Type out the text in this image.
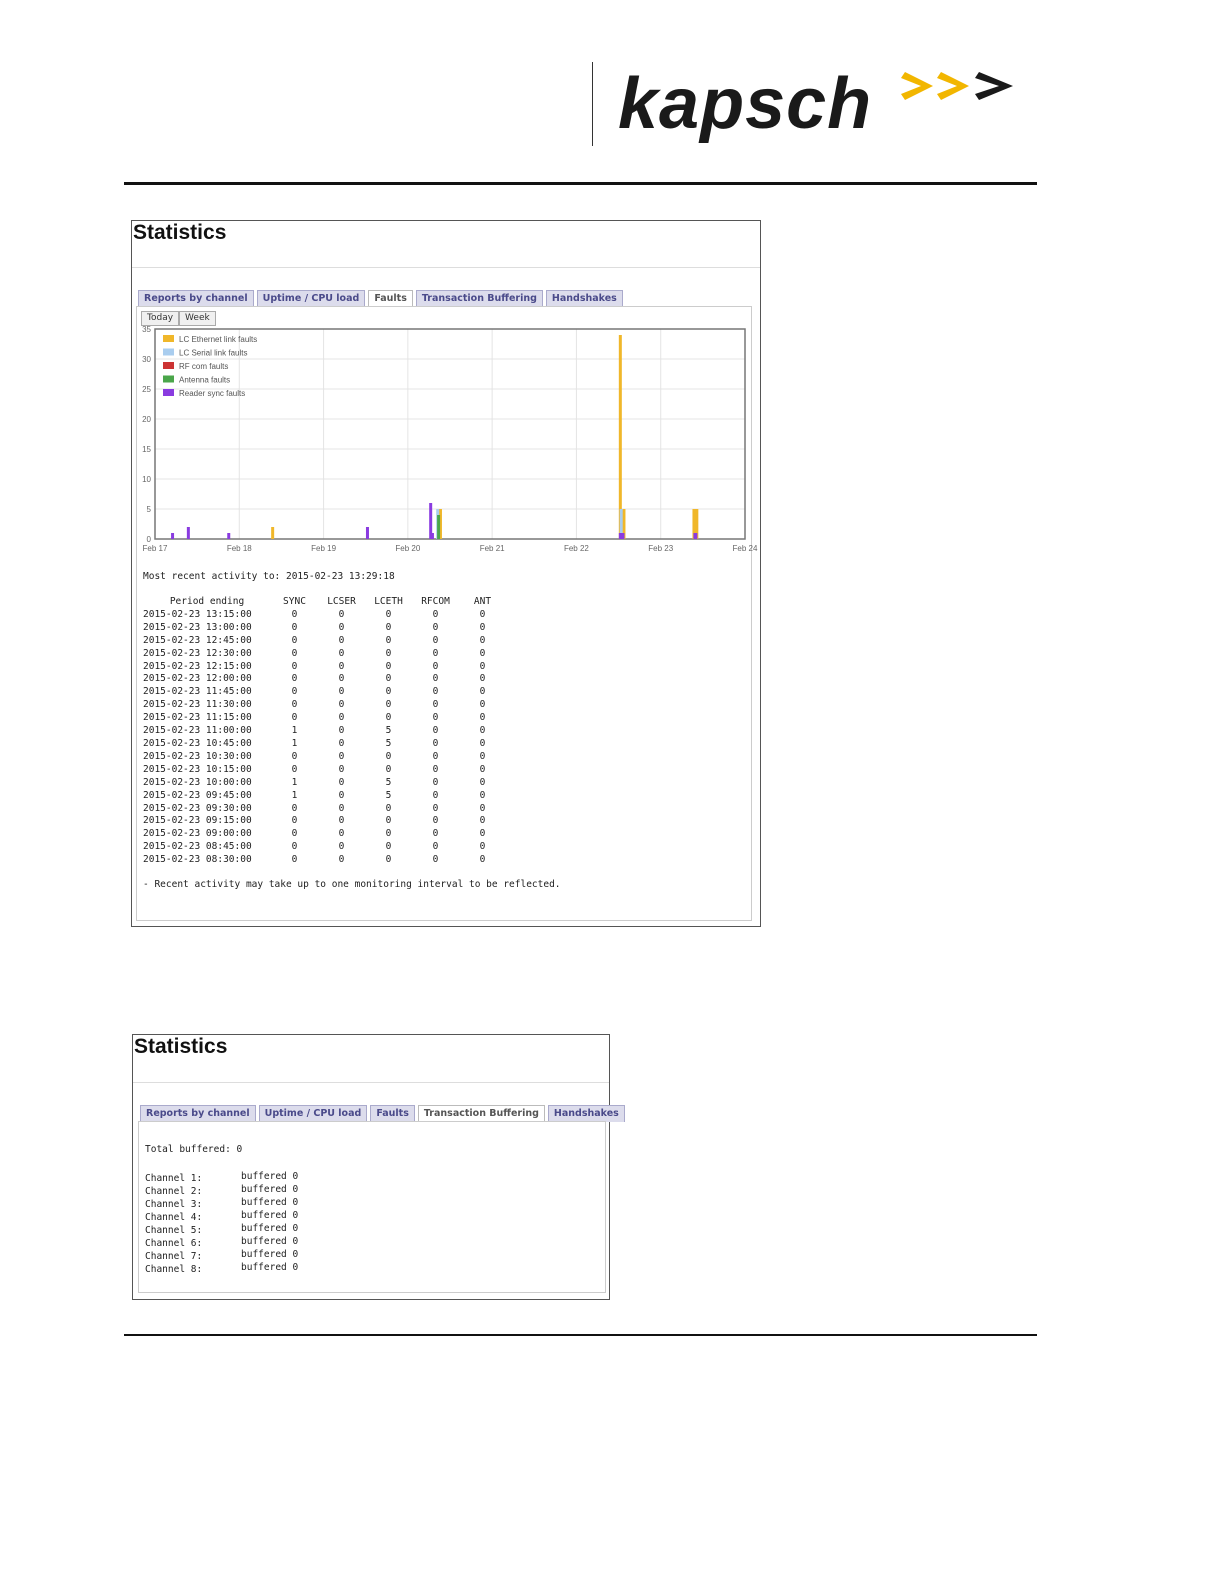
kapsch
Statistics
Reports by channel	Uptime / CPU load	Faults	Transaction Buffering	Handshakes
Today	Week
Feb 17	Feb 18	Feb 19	Feb 20	Feb 21	Feb 22	Feb 23	Feb 24
0
5
10
15
20
25
30
35
LC Ethernet link faults
LC Serial link faults
RF com faults
Antenna faults
Reader sync faults
Most recent activity to: 2015-02-23 13:29:18
Period ending	SYNC	LCSER	LCETH	RFCOM	ANT
2015-02-23 13:15:00	0	0	0	0	0
2015-02-23 13:00:00	0	0	0	0	0
2015-02-23 12:45:00	0	0	0	0	0
2015-02-23 12:30:00	0	0	0	0	0
2015-02-23 12:15:00	0	0	0	0	0
2015-02-23 12:00:00	0	0	0	0	0
2015-02-23 11:45:00	0	0	0	0	0
2015-02-23 11:30:00	0	0	0	0	0
2015-02-23 11:15:00	0	0	0	0	0
2015-02-23 11:00:00	1	0	5	0	0
2015-02-23 10:45:00	1	0	5	0	0
2015-02-23 10:30:00	0	0	0	0	0
2015-02-23 10:15:00	0	0	0	0	0
2015-02-23 10:00:00	1	0	5	0	0
2015-02-23 09:45:00	1	0	5	0	0
2015-02-23 09:30:00	0	0	0	0	0
2015-02-23 09:15:00	0	0	0	0	0
2015-02-23 09:00:00	0	0	0	0	0
2015-02-23 08:45:00	0	0	0	0	0
2015-02-23 08:30:00	0	0	0	0	0
- Recent activity may take up to one monitoring interval to be reflected.
Statistics
Reports by channel	Uptime / CPU load	Faults	Transaction Buffering	Handshakes
Total buffered: 0
Channel 1:	buffered 0
Channel 2:	buffered 0
Channel 3:	buffered 0
Channel 4:	buffered 0
Channel 5:	buffered 0
Channel 6:	buffered 0
Channel 7:	buffered 0
Channel 8:	buffered 0
